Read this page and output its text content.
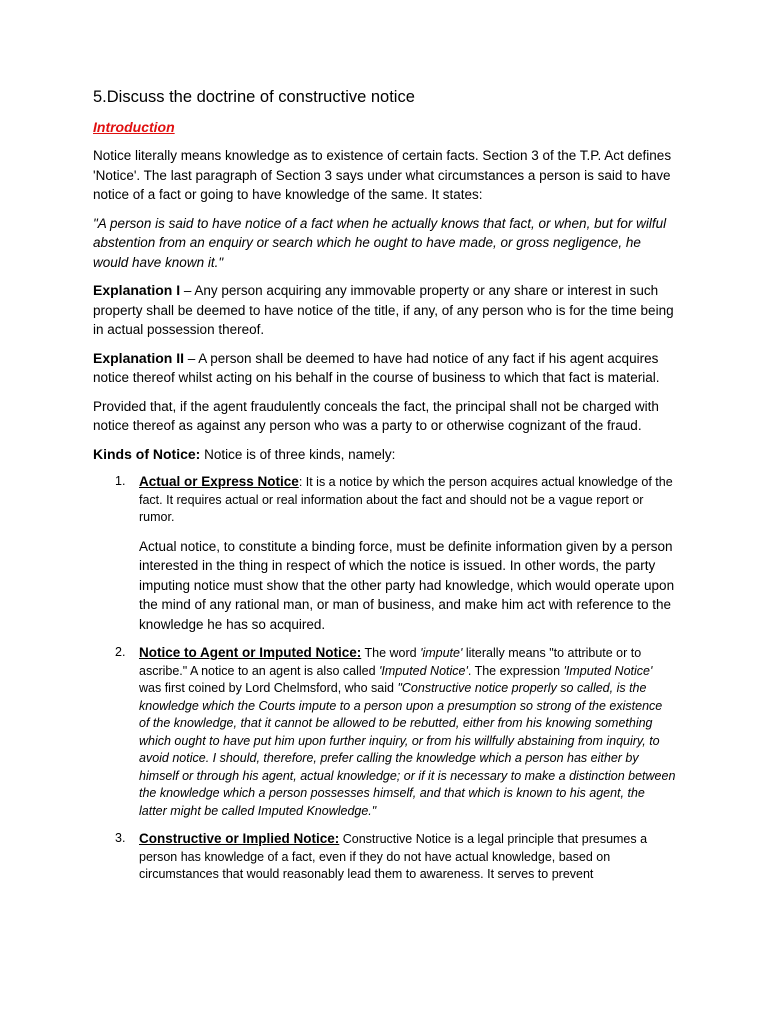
5.Discuss the doctrine of constructive notice
Introduction

Notice literally means knowledge as to existence of certain facts. Section 3 of the T.P. Act defines 'Notice'. The last paragraph of Section 3 says under what circumstances a person is said to have notice of a fact or going to have knowledge of the same. It states:

"A person is said to have notice of a fact when he actually knows that fact, or when, but for wilful abstention from an enquiry or search which he ought to have made, or gross negligence, he would have known it."

Explanation I – Any person acquiring any immovable property or any share or interest in such property shall be deemed to have notice of the title, if any, of any person who is for the time being in actual possession thereof.

Explanation II – A person shall be deemed to have had notice of any fact if his agent acquires notice thereof whilst acting on his behalf in the course of business to which that fact is material.

Provided that, if the agent fraudulently conceals the fact, the principal shall not be charged with notice thereof as against any person who was a party to or otherwise cognizant of the fraud.

Kinds of Notice: Notice is of three kinds, namely:

1. Actual or Express Notice: It is a notice by which the person acquires actual knowledge of the fact. It requires actual or real information about the fact and should not be a vague report or rumor.

Actual notice, to constitute a binding force, must be definite information given by a person interested in the thing in respect of which the notice is issued. In other words, the party imputing notice must show that the other party had knowledge, which would operate upon the mind of any rational man, or man of business, and make him act with reference to the knowledge he has so acquired.

2. Notice to Agent or Imputed Notice: The word 'impute' literally means "to attribute or to ascribe." A notice to an agent is also called 'Imputed Notice'. The expression 'Imputed Notice' was first coined by Lord Chelmsford, who said "Constructive notice properly so called, is the knowledge which the Courts impute to a person upon a presumption so strong of the existence of the knowledge, that it cannot be allowed to be rebutted, either from his knowing something which ought to have put him upon further inquiry, or from his willfully abstaining from inquiry, to avoid notice. I should, therefore, prefer calling the knowledge which a person has either by himself or through his agent, actual knowledge; or if it is necessary to make a distinction between the knowledge which a person possesses himself, and that which is known to his agent, the latter might be called Imputed Knowledge."

3. Constructive or Implied Notice: Constructive Notice is a legal principle that presumes a person has knowledge of a fact, even if they do not have actual knowledge, based on circumstances that would reasonably lead them to awareness. It serves to prevent
